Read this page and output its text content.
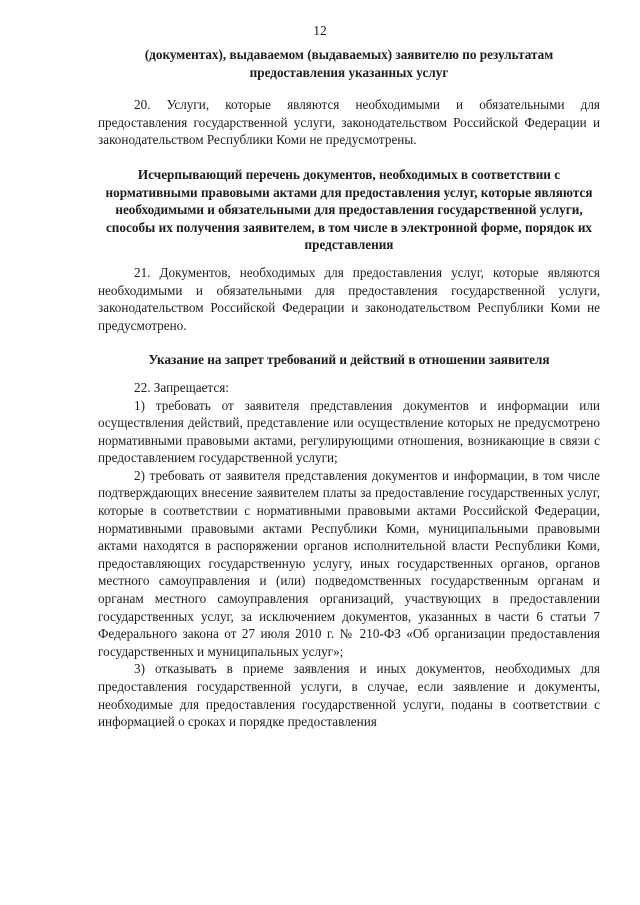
12

(документах), выдаваемом (выдаваемых) заявителю по результатам предоставления указанных услуг

20. Услуги, которые являются необходимыми и обязательными для предоставления государственной услуги, законодательством Российской Федерации и законодательством Республики Коми не предусмотрены.

Исчерпывающий перечень документов, необходимых в соответствии с нормативными правовыми актами для предоставления услуг, которые являются необходимыми и обязательными для предоставления государственной услуги, способы их получения заявителем, в том числе в электронной форме, порядок их представления

21. Документов, необходимых для предоставления услуг, которые являются необходимыми и обязательными для предоставления государственной услуги, законодательством Российской Федерации и законодательством Республики Коми не предусмотрено.

Указание на запрет требований и действий в отношении заявителя

22. Запрещается:

1) требовать от заявителя представления документов и информации или осуществления действий, представление или осуществление которых не предусмотрено нормативными правовыми актами, регулирующими отношения, возникающие в связи с предоставлением государственной услуги;

2) требовать от заявителя представления документов и информации, в том числе подтверждающих внесение заявителем платы за предоставление государственных услуг, которые в соответствии с нормативными правовыми актами Российской Федерации, нормативными правовыми актами Республики Коми, муниципальными правовыми актами находятся в распоряжении органов исполнительной власти Республики Коми, предоставляющих государственную услугу, иных государственных органов, органов местного самоуправления и (или) подведомственных государственным органам и органам местного самоуправления организаций, участвующих в предоставлении государственных услуг, за исключением документов, указанных в части 6 статьи 7 Федерального закона от 27 июля 2010 г. № 210-ФЗ «Об организации предоставления государственных и муниципальных услуг»;

3) отказывать в приеме заявления и иных документов, необходимых для предоставления государственной услуги, в случае, если заявление и документы, необходимые для предоставления государственной услуги, поданы в соответствии с информацией о сроках и порядке предоставления
